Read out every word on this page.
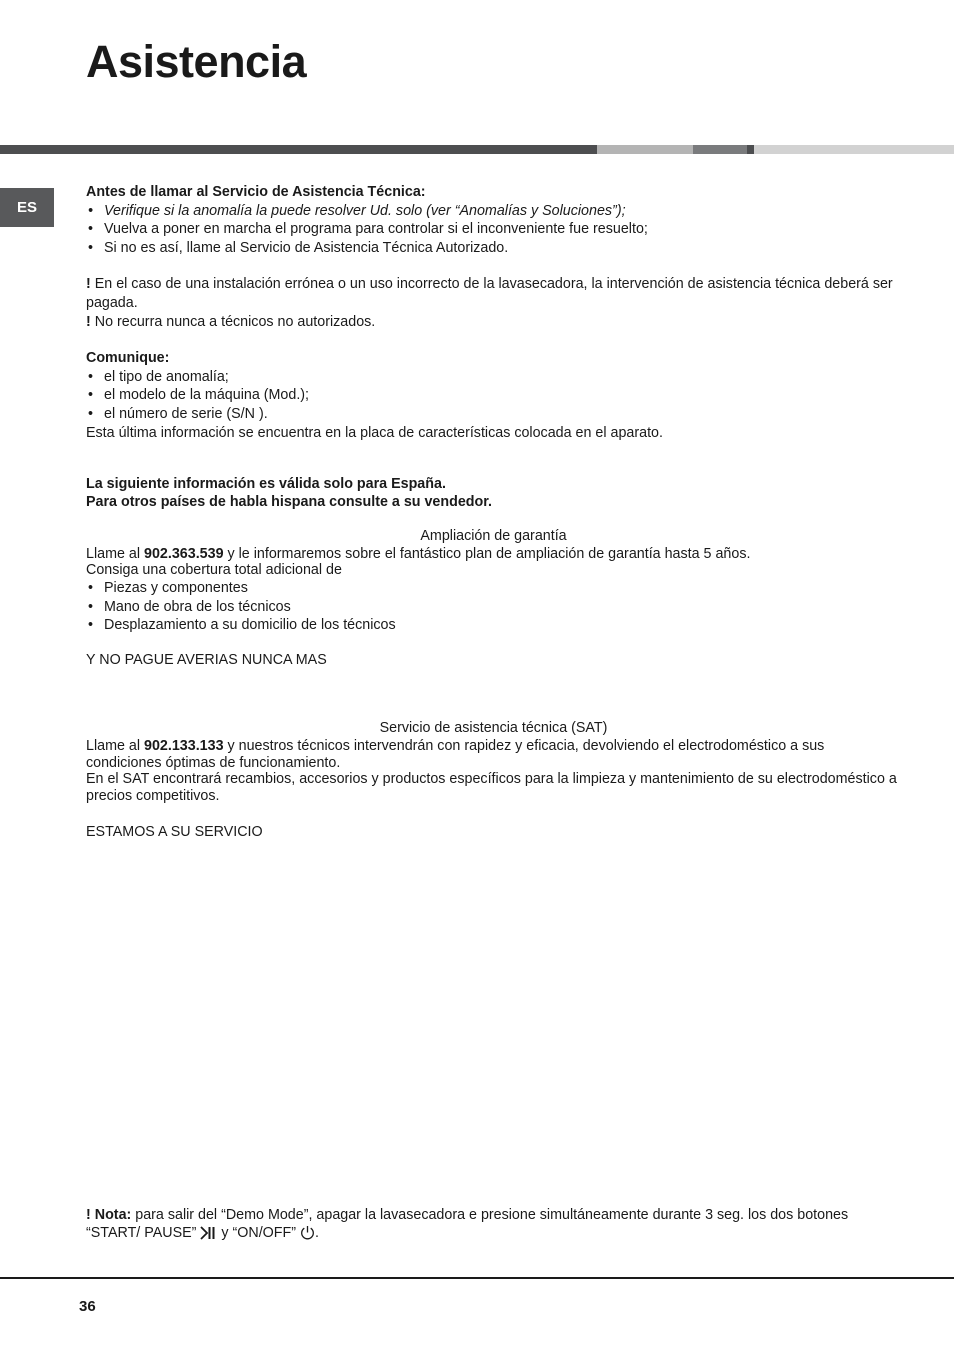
Asistencia
ES

Antes de llamar al Servicio de Asistencia Técnica:

• Verifique si la anomalía la puede resolver Ud. solo (ver “Anomalías y Soluciones”);
• Vuelva a poner en marcha el programa para controlar si el inconveniente fue resuelto;
• Si no es así, llame al Servicio de Asistencia Técnica Autorizado.

! En el caso de una instalación errónea o un uso incorrecto de la lavasecadora, la intervención de asistencia técnica deberá ser pagada.

! No recurra nunca a técnicos no autorizados.

Comunique:

• el tipo de anomalía;
• el modelo de la máquina (Mod.);
• el número de serie (S/N ).

Esta última información se encuentra en la placa de características colocada en el aparato.

La siguiente información es válida solo para España.

Para otros países de habla hispana consulte a su vendedor.

Ampliación de garantía

Llame al 902.363.539 y le informaremos sobre el fantástico plan de ampliación de garantía hasta 5 años.

Consiga una cobertura total adicional de

• Piezas y componentes
• Mano de obra de los técnicos
• Desplazamiento a su domicilio de los técnicos

Y NO PAGUE AVERIAS NUNCA MAS

Servicio de asistencia técnica (SAT)

Llame al 902.133.133 y nuestros técnicos intervendrán con rapidez y eficacia, devolviendo el electrodoméstico a sus condiciones óptimas de funcionamiento.

En el SAT encontrará recambios, accesorios y productos específicos para la limpieza y mantenimiento de su electrodoméstico a precios competitivos.

ESTAMOS A SU SERVICIO

! Nota: para salir del “Demo Mode”, apagar la lavasecadora e presione simultáneamente durante 3 seg. los dos botones “START/ PAUSE”  y “ON/OFF” .
36
